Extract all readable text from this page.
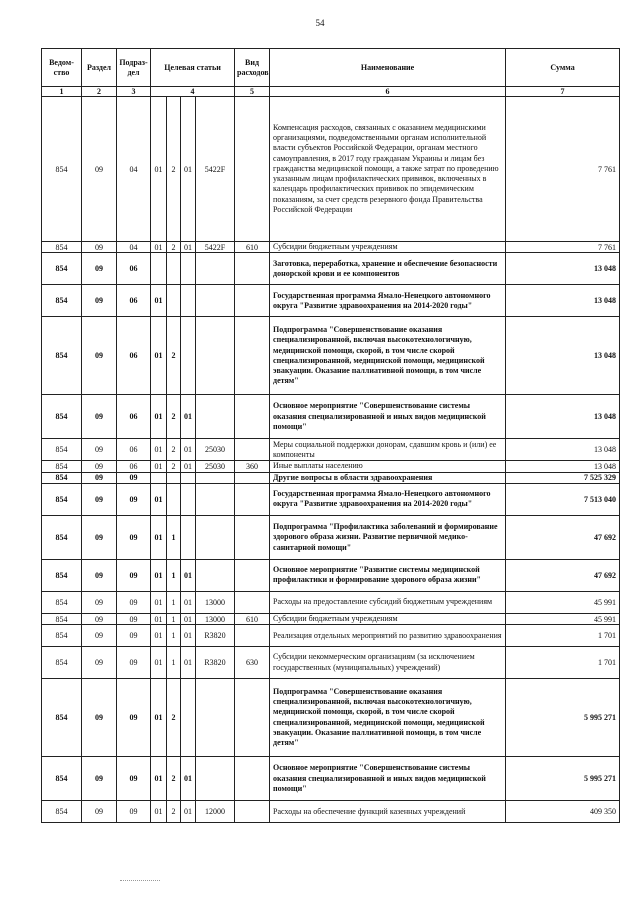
54
Ведом-ство	Раздел	Подраз-дел	Целевая статьи				Вид расходов	Наименование	Сумма
1	2	3	4				5	6	7
854	09	04	01	2	01	5422F		Компенсация расходов, связанных с оказанием медицинскими организациями, подведомственными органам исполнительной власти субъектов Российской Федерации, органам местного самоуправления, в 2017 году гражданам Украины и лицам без гражданства медицинской помощи, а также затрат по проведению указанным лицам профилактических прививок, включенных в календарь профилактических прививок по эпидемическим показаниям, за счет средств резервного фонда Правительства Российской Федерации	7 761
854	09	04	01	2	01	5422F	610	Субсидии бюджетным учреждениям	7 761
854	09	06						Заготовка, переработка, хранение и обеспечение безопасности донорской крови и ее компонентов	13 048
854	09	06	01					Государственная программа Ямало-Ненецкого автономного округа "Развитие здравоохранения на 2014-2020 годы"	13 048
854	09	06	01	2				Подпрограмма "Совершенствование оказания специализированной, включая высокотехнологичную, медицинской помощи, скорой, в том числе скорой специализированной, медицинской помощи, медицинской эвакуации. Оказание паллиативной помощи, в том числе детям"	13 048
854	09	06	01	2	01			Основное мероприятие "Совершенствование системы оказания специализированной и иных видов медицинской помощи"	13 048
854	09	06	01	2	01	25030		Меры социальной поддержки донорам, сдавшим кровь и (или) ее компоненты	13 048
854	09	06	01	2	01	25030	360	Иные выплаты населению	13 048
854	09	09						Другие вопросы в области здравоохранения	7 525 329
854	09	09	01					Государственная программа Ямало-Ненецкого автономного округа "Развитие здравоохранения на 2014-2020 годы"	7 513 040
854	09	09	01	1				Подпрограмма "Профилактика заболеваний и формирование здорового образа жизни. Развитие первичной медико-санитарной помощи"	47 692
854	09	09	01	1	01			Основное мероприятие "Развитие системы медицинской профилактики и формирование здорового образа жизни"	47 692
854	09	09	01	1	01	13000		Расходы на предоставление субсидий бюджетным учреждениям	45 991
854	09	09	01	1	01	13000	610	Субсидии бюджетным учреждениям	45 991
854	09	09	01	1	01	R3820		Реализация отдельных мероприятий по развитию здравоохранения	1 701
854	09	09	01	1	01	R3820	630	Субсидии некоммерческим организациям (за исключением государственных (муниципальных) учреждений)	1 701
854	09	09	01	2				Подпрограмма "Совершенствование оказания специализированной, включая высокотехнологичную, медицинской помощи, скорой, в том числе скорой специализированной, медицинской помощи, медицинской эвакуации. Оказание паллиативной помощи, в том числе детям"	5 995 271
854	09	09	01	2	01			Основное мероприятие "Совершенствование системы оказания специализированной и иных видов медицинской помощи"	5 995 271
854	09	09	01	2	01	12000		Расходы на обеспечение функций казенных учреждений	409 350
